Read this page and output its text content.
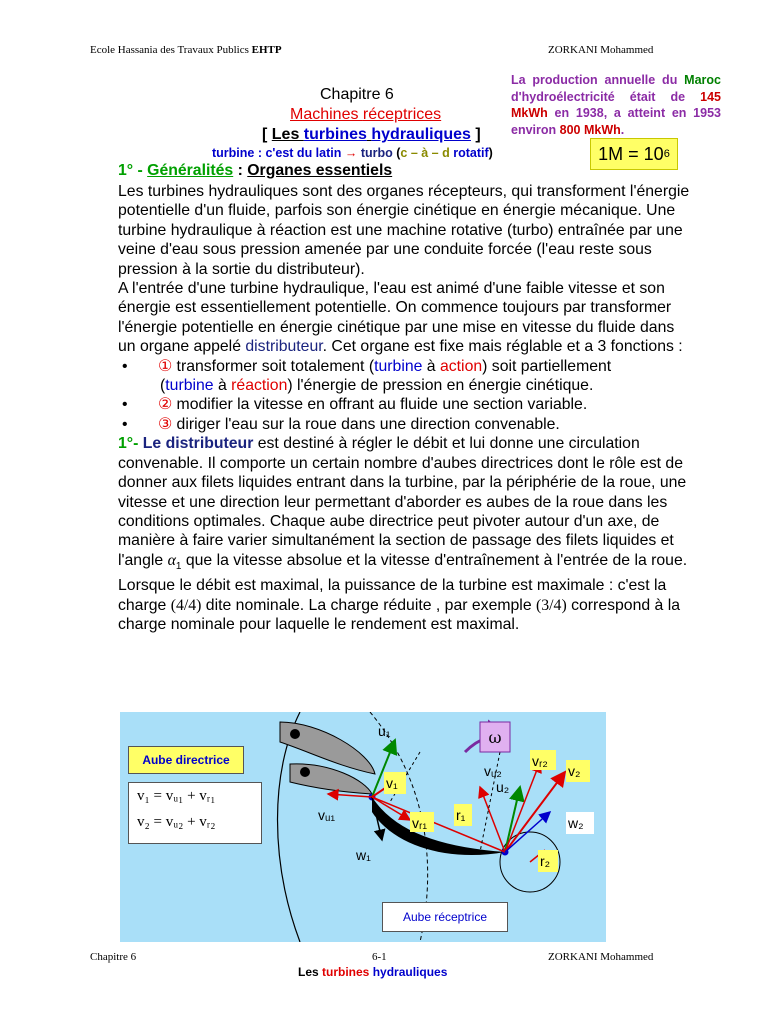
Ecole Hassania des Travaux Publics EHTP	ZORKANI Mohammed
La production annuelle du Maroc d'hydroélectricité était de 145 MkWh en 1938, a atteint en 1953 environ 800 MkWh.
1M = 10 6
Chapitre 6
Machines réceptrices
[ Les turbines hydrauliques ]
turbine : c'est du latin → turbo (c – à – d rotatif)
1° - Généralités : Organes essentiels

Les turbines hydrauliques sont des organes récepteurs, qui transforment l'énergie potentielle d'un fluide, parfois son énergie cinétique en énergie mécanique. Une turbine hydraulique à réaction est une machine rotative (turbo) entraînée par une veine d'eau sous pression amenée par une conduite forcée (l'eau reste sous pression à la sortie du distributeur).

A l'entrée d'une turbine hydraulique, l'eau est animé d'une faible vitesse et son énergie est essentiellement potentielle. On commence toujours par transformer l'énergie potentielle en énergie cinétique par une mise en vitesse du fluide dans un organe appelé distributeur. Cet organe est fixe mais réglable et a 3 fonctions :

• ① transformer soit totalement (turbine à action) soit partiellement
(turbine à réaction) l'énergie de pression en énergie cinétique.
• ② modifier la vitesse en offrant au fluide une section variable.
• ③ diriger l'eau sur la roue dans une direction convenable.

1°- Le distributeur est destiné à régler le débit et lui donne une circulation convenable. Il comporte un certain nombre d'aubes directrices dont le rôle est de donner aux filets liquides entrant dans la turbine, par la périphérie de la roue, une vitesse et une direction leur permettant d'aborder es aubes de la roue dans les conditions optimales. Chaque aube directrice peut pivoter autour d'un axe, de manière à faire varier simultanément la section de passage des filets liquides et l'angle $\alpha_1$ que la vitesse absolue et la vitesse d'entraînement à l'entrée de la roue. Lorsque le débit est maximal, la puissance de la turbine est maximale : c'est la charge (4/4) dite nominale. La charge réduite , par exemple (3/4) correspond à la charge nominale pour laquelle le rendement est maximal.

ω
u₁
v₁
vᵤ₁	vᵣ₁
w₁
r₁
vᵤ₂
vᵣ₂
v₂
u₂
w₂
r₂
Aube directrice
v₁ = vᵤ₁ + vᵣ₁
v₂ = vᵤ₂ + vᵣ₂
Aube réceptrice
Chapitre 6	6-1	ZORKANI Mohammed
Les turbines hydrauliques
